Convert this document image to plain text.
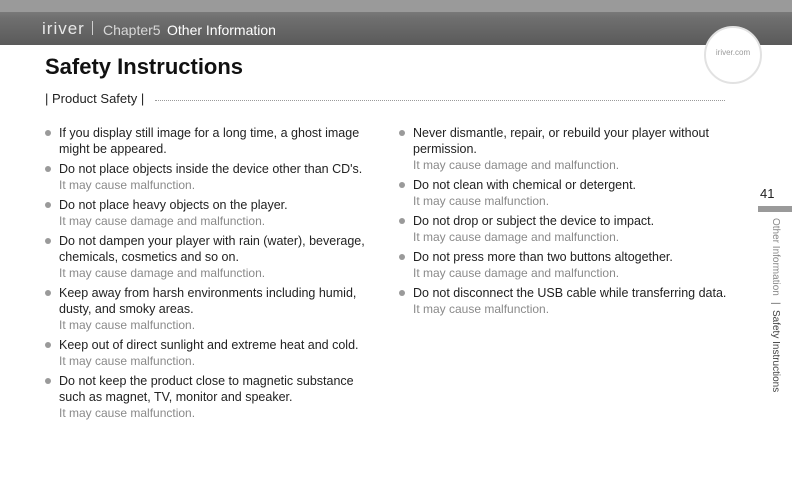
iriver Chapter5 Other Information
iriver.com
Safety Instructions
| Product Safety |
If you display still image for a long time, a ghost image might be appeared.
Do not place objects inside the device other than CD's.
It may cause malfunction.
Do not place heavy objects on the player.
It may cause damage and malfunction.
Do not dampen your player with rain (water), beverage, chemicals, cosmetics and so on.
It may cause damage and malfunction.
Keep away from harsh environments including humid, dusty, and smoky areas.
It may cause malfunction.
Keep out of direct sunlight and extreme heat and cold.
It may cause malfunction.
Do not keep the product close to magnetic substance such as magnet, TV, monitor and speaker.
It may cause malfunction.
Never dismantle, repair, or rebuild your player without permission.
It may cause damage and malfunction.
Do not clean with chemical or detergent.
It may cause malfunction.
Do not drop or subject the device to impact.
It may cause damage and malfunction.
Do not press more than two buttons altogether.
It may cause damage and malfunction.
Do not disconnect the USB cable while transferring data.
It may cause malfunction.
41
Other Information | Safety Instructions
